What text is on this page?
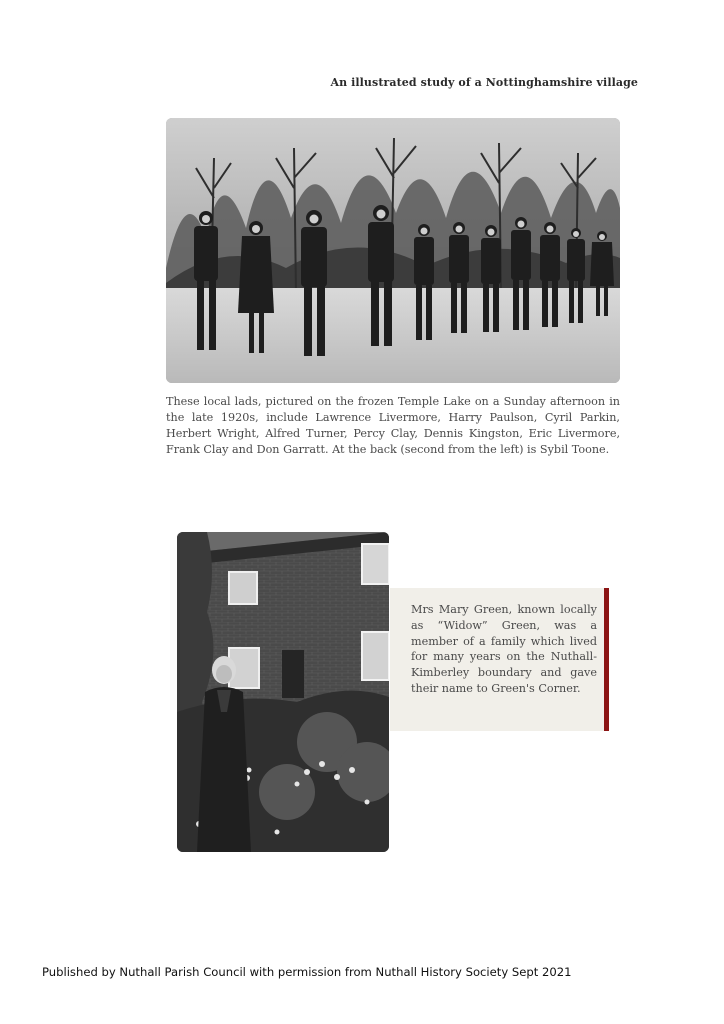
An illustrated study of a Nottinghamshire village

These local lads, pictured on the frozen Temple Lake on a Sunday afternoon in the late 1920s, include Lawrence Livermore, Harry Paulson, Cyril Parkin, Herbert Wright, Alfred Turner, Percy Clay, Dennis Kingston, Eric Livermore, Frank Clay and Don Garratt. At the back (second from the left) is Sybil Toone.

Mrs Mary Green, known locally as “Widow” Green, was a member of a family which lived for many years on the Nuthall-Kimberley boundary and gave their name to Green's Corner.

Published by Nuthall Parish Council with permission from Nuthall History Society Sept 2021
